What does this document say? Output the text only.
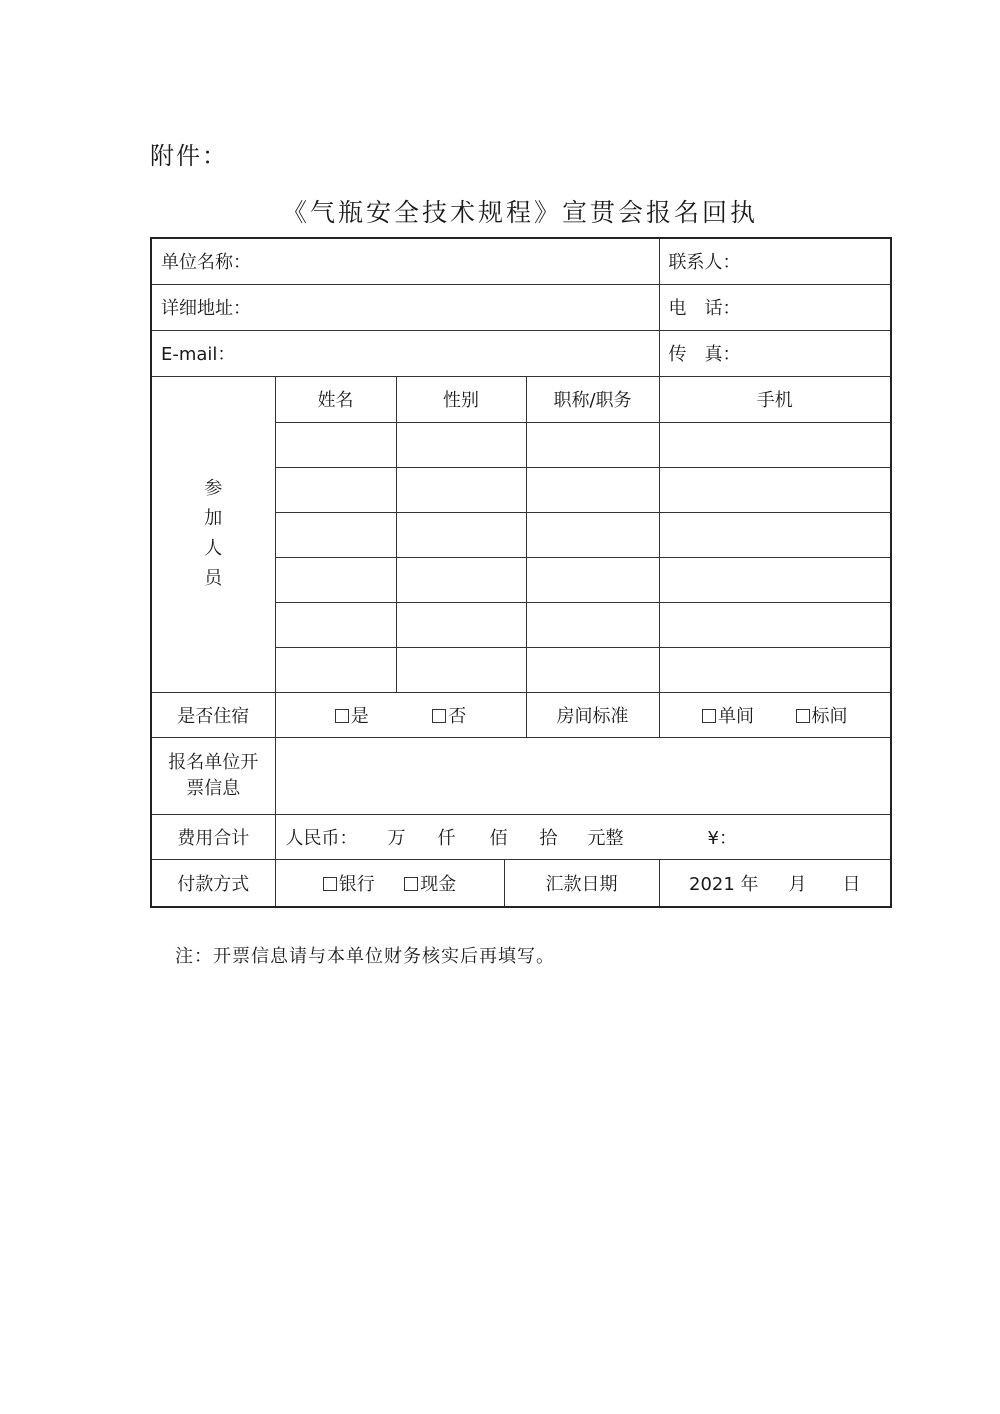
附件：
《气瓶安全技术规程》宣贯会报名回执
单位名称：					联系人：
详细地址：					电　话：
E-mail：					传　真：

参
加
人
员	姓名	性别		职称/职务	手机

是否住宿	是 否			房间标准	单间 标间
报名单位开
票信息					
费用合计	人民币： 万 仟 佰 拾 元整 ¥：				
付款方式	银行 现金		汇款日期		2021 年 月 日
注：开票信息请与本单位财务核实后再填写。
